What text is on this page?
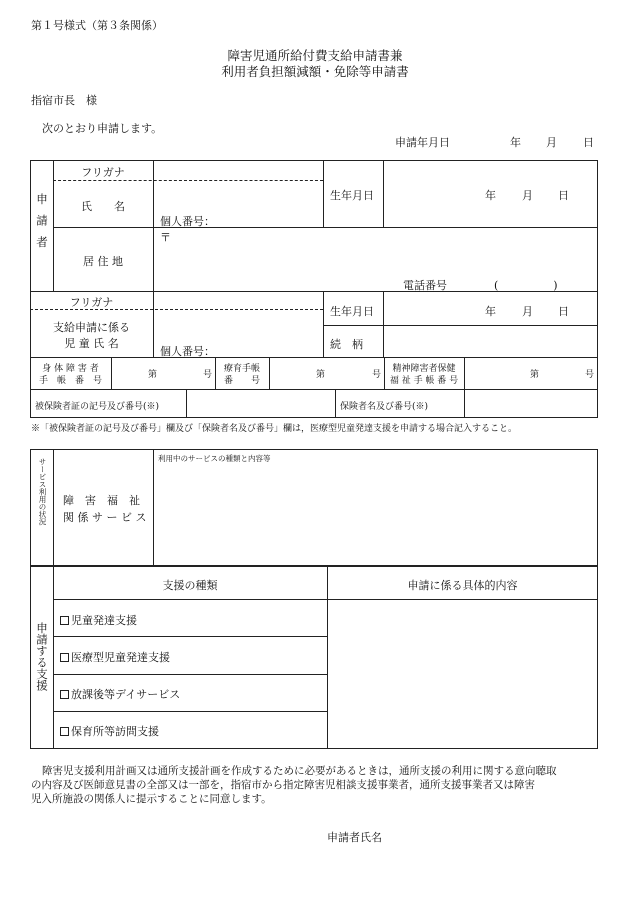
第１号様式（第３条関係）
障害児通所給付費支給申請書兼
利用者負担額減額・免除等申請書
指宿市長　様
次のとおり申請します。
申請年月日	年 月 日
申請者
フリガナ
氏　　名
個人番号：
生年月日	年 月 日
居 住 地
〒
電話番号	(　　　　　)
フリガナ
支給申請に係る
児 童 氏 名
個人番号：
生年月日	年 月 日
続　柄
身 体 障 害 者
手　帳　番　号
第	号
療育手帳
番　　号
第	号
精神障害者保健
福 祉 手 帳 番 号
第	号
被保険者証の記号及び番号(※)	保険者名及び番号(※)
※「被保険者証の記号及び番号」欄及び「保険者名及び番号」欄は，医療型児童発達支援を申請する場合記入すること。
サービス利用の状況	障　害　福　祉
関 係 サ ー ビ ス
利用中のサービスの種類と内容等
申請する支援
支援の種類	申請に係る具体的内容
児童発達支援
医療型児童発達支援
放課後等デイサービス
保育所等訪問支援
障害児支援利用計画又は通所支援計画を作成するために必要があるときは，通所支援の利用に関する意向聴取
の内容及び医師意見書の全部又は一部を，指宿市から指定障害児相談支援事業者，通所支援事業者又は障害
児入所施設の関係人に提示することに同意します。
申請者氏名
